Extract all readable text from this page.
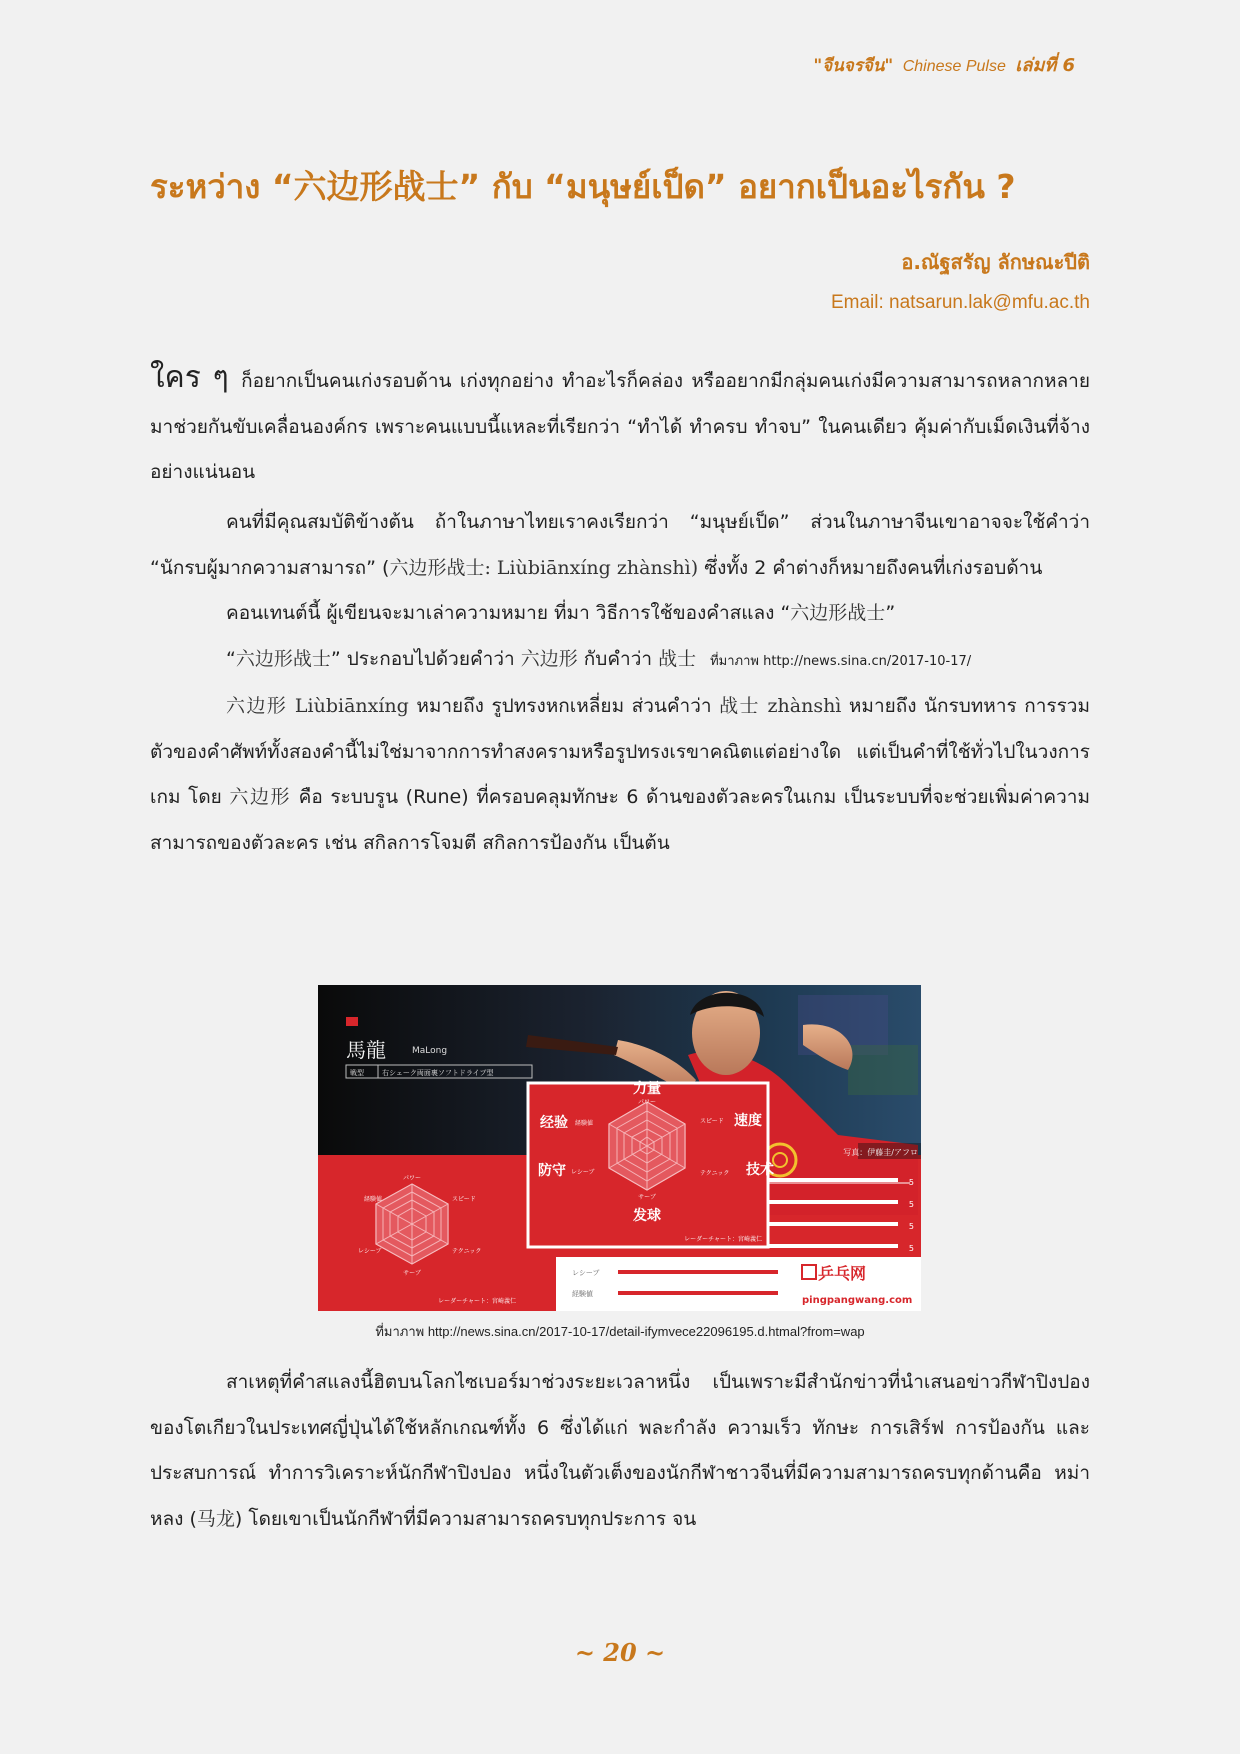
"จีนจรจีน" Chinese Pulse เล่มที่ 6
ระหว่าง “六边形战士” กับ “มนุษย์เป็ด” อยากเป็นอะไรกัน ?
อ.ณัฐสรัญ ลักษณะปีติ
Email: natsarun.lak@mfu.ac.th

ใคร ๆ ก็อยากเป็นคนเก่งรอบด้าน เก่งทุกอย่าง ทำอะไรก็คล่อง หรืออยากมีกลุ่มคนเก่งมีความสามารถหลากหลายมาช่วยกันขับเคลื่อนองค์กร เพราะคนแบบนี้แหละที่เรียกว่า “ทำได้ ทำครบ ทำจบ” ในคนเดียว คุ้มค่ากับเม็ดเงินที่จ้างอย่างแน่นอน

คนที่มีคุณสมบัติข้างต้น ถ้าในภาษาไทยเราคงเรียกว่า “มนุษย์เป็ด” ส่วนในภาษาจีนเขาอาจจะใช้คำว่า “นักรบผู้มากความสามารถ” (六边形战士: Liùbiānxíng zhànshì) ซึ่งทั้ง 2 คำต่างก็หมายถึงคนที่เก่งรอบด้าน

คอนเทนต์นี้ ผู้เขียนจะมาเล่าความหมาย ที่มา วิธีการใช้ของคำสแลง “六边形战士”

“六边形战士” ประกอบไปด้วยคำว่า 六边形 กับคำว่า 战士 ที่มาภาพ http://news.sina.cn/2017-10-17/

六边形 Liùbiānxíng หมายถึง รูปทรงหกเหลี่ยม ส่วนคำว่า 战士 zhànshì หมายถึง นักรบทหาร การรวมตัวของคำศัพท์ทั้งสองคำนี้ไม่ใช่มาจากการทำสงครามหรือรูปทรงเรขาคณิตแต่อย่างใด แต่เป็นคำที่ใช้ทั่วไปในวงการเกม โดย 六边形 คือ ระบบรูน (Rune) ที่ครอบคลุมทักษะ 6 ด้านของตัวละครในเกม เป็นระบบที่จะช่วยเพิ่มค่าความสามารถของตัวละคร เช่น สกิลการโจมตี สกิลการป้องกัน เป็นต้น

写真：伊藤圭/アフロ
馬龍	MaLong
戦型	右シェーク両面裏ソフトドライブ型
力量
パワー
速度
スピード
技术
テクニック
发球
サーブ
防守 レシーブ
经验 経験値
レーダーチャート：宮崎義仁
パワー
スピード
テクニック
サーブ
レシーブ
経験値
レーダーチャート：宮崎義仁
5
5
5
5
レシーブ
経験値
乒乓网
pingpangwang.com
ที่มาภาพ http://news.sina.cn/2017-10-17/detail-ifymvece22096195.d.htmal?from=wap

สาเหตุที่คำสแลงนี้ฮิตบนโลกไซเบอร์มาช่วงระยะเวลาหนึ่ง เป็นเพราะมีสำนักข่าวที่นำเสนอข่าวกีฬาปิงปองของโตเกียวในประเทศญี่ปุ่นได้ใช้หลักเกณฑ์ทั้ง 6 ซึ่งได้แก่ พละกำลัง ความเร็ว ทักษะ การเสิร์ฟ การป้องกัน และประสบการณ์ ทำการวิเคราะห์นักกีฬาปิงปอง หนึ่งในตัวเต็งของนักกีฬาชาวจีนที่มีความสามารถครบทุกด้านคือ หม่าหลง (马龙) โดยเขาเป็นนักกีฬาที่มีความสามารถครบทุกประการ จน

~ 20 ~
